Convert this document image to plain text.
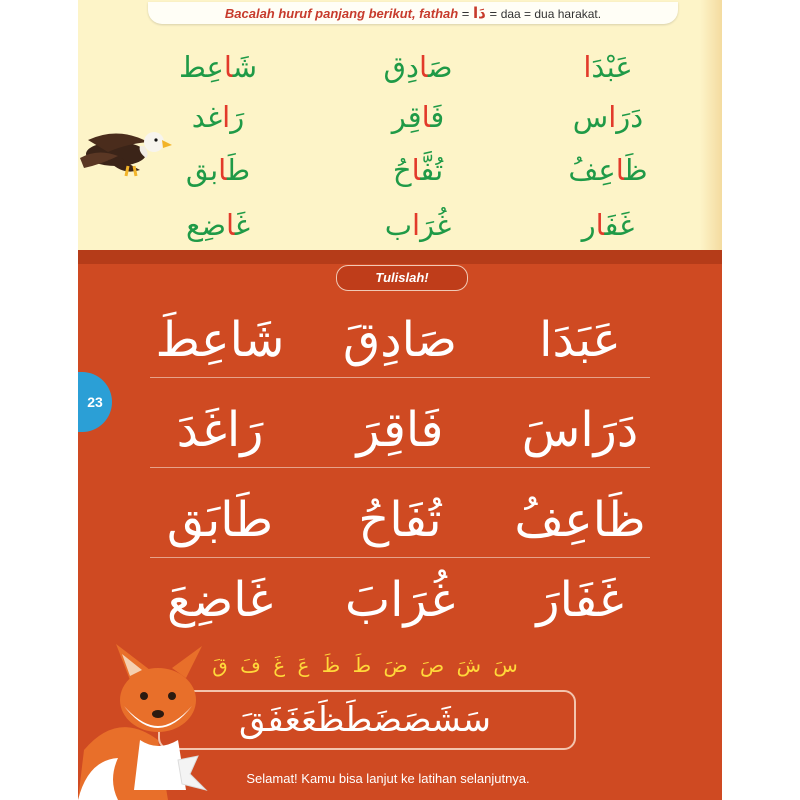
Bacalah huruf panjang berikut, fathah = دَا = daa = dua harakat.
شَاعِط	صَادِق	عَبْدَا
رَاغد	فَاقِر	دَرَاس
طَابق	تُفَّاحُ	ظَاعِفُ
غَاضِع	غُرَاب	غَفَار
Tulislah!
شَاعِطَ	صَادِقَ	عَبَدَا
رَاغَدَ	فَاقِرَ	دَرَاسَ
طَابَق	تُفَاحُ	ظَاعِفُ
غَاضِعَ	غُرَابَ	غَفَارَ
سَ شَ صَ ضَ طَ ظَ عَ غَ فَ قَ
سَشَصَضَطَظَعَغَفَقَ
Selamat! Kamu bisa lanjut ke latihan selanjutnya.
23
